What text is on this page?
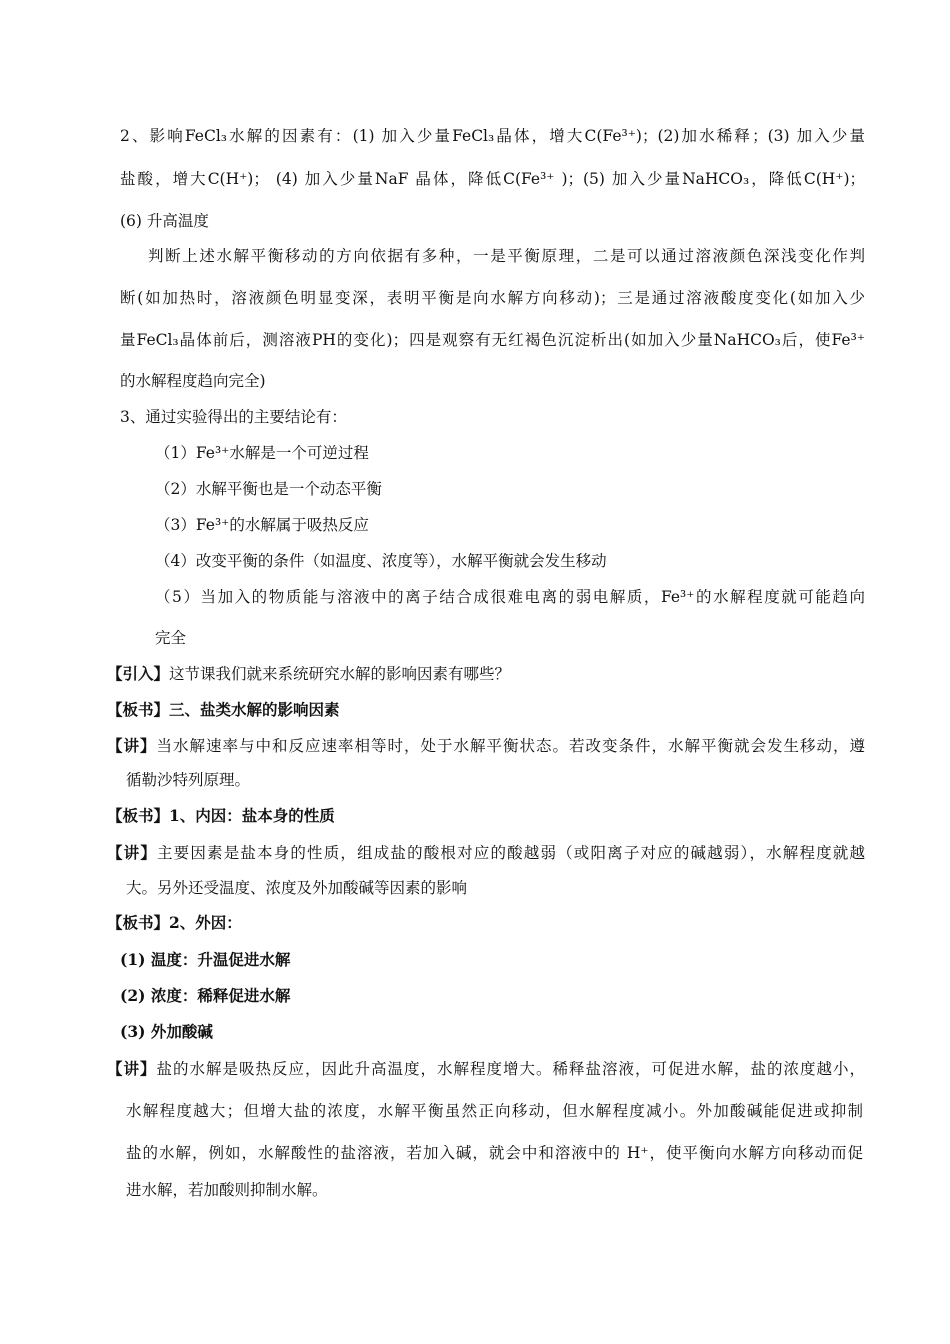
2、影响FeCl₃水解的因素有：(1) 加入少量FeCl₃晶体，增大C(Fe³⁺)；(2)加水稀释；(3) 加入少量
盐酸，增大C(H⁺)； (4) 加入少量NaF 晶体，降低C(Fe³⁺ )；(5) 加入少量NaHCO₃，降低C(H⁺)；
(6) 升高温度
判断上述水解平衡移动的方向依据有多种，一是平衡原理，二是可以通过溶液颜色深浅变化作判
断(如加热时，溶液颜色明显变深，表明平衡是向水解方向移动)；三是通过溶液酸度变化(如加入少
量FeCl₃晶体前后，测溶液PH的变化)；四是观察有无红褐色沉淀析出(如加入少量NaHCO₃后，使Fe³⁺
的水解程度趋向完全)
3、通过实验得出的主要结论有：
（1）Fe³⁺水解是一个可逆过程
（2）水解平衡也是一个动态平衡
（3）Fe³⁺的水解属于吸热反应
（4）改变平衡的条件（如温度、浓度等），水解平衡就会发生移动
（5）当加入的物质能与溶液中的离子结合成很难电离的弱电解质，Fe³⁺的水解程度就可能趋向
完全
【引入】这节课我们就来系统研究水解的影响因素有哪些？
【板书】三、盐类水解的影响因素
【讲】当水解速率与中和反应速率相等时，处于水解平衡状态。若改变条件，水解平衡就会发生移动，遵
循勒沙特列原理。
【板书】1、内因：盐本身的性质
【讲】主要因素是盐本身的性质，组成盐的酸根对应的酸越弱（或阳离子对应的碱越弱），水解程度就越
大。另外还受温度、浓度及外加酸碱等因素的影响
【板书】2、外因：
(1) 温度：升温促进水解
(2) 浓度：稀释促进水解
(3) 外加酸碱
【讲】盐的水解是吸热反应，因此升高温度，水解程度增大。稀释盐溶液，可促进水解，盐的浓度越小，
水解程度越大；但增大盐的浓度，水解平衡虽然正向移动，但水解程度减小。外加酸碱能促进或抑制
盐的水解，例如，水解酸性的盐溶液，若加入碱，就会中和溶液中的 H⁺，使平衡向水解方向移动而促
进水解，若加酸则抑制水解。
